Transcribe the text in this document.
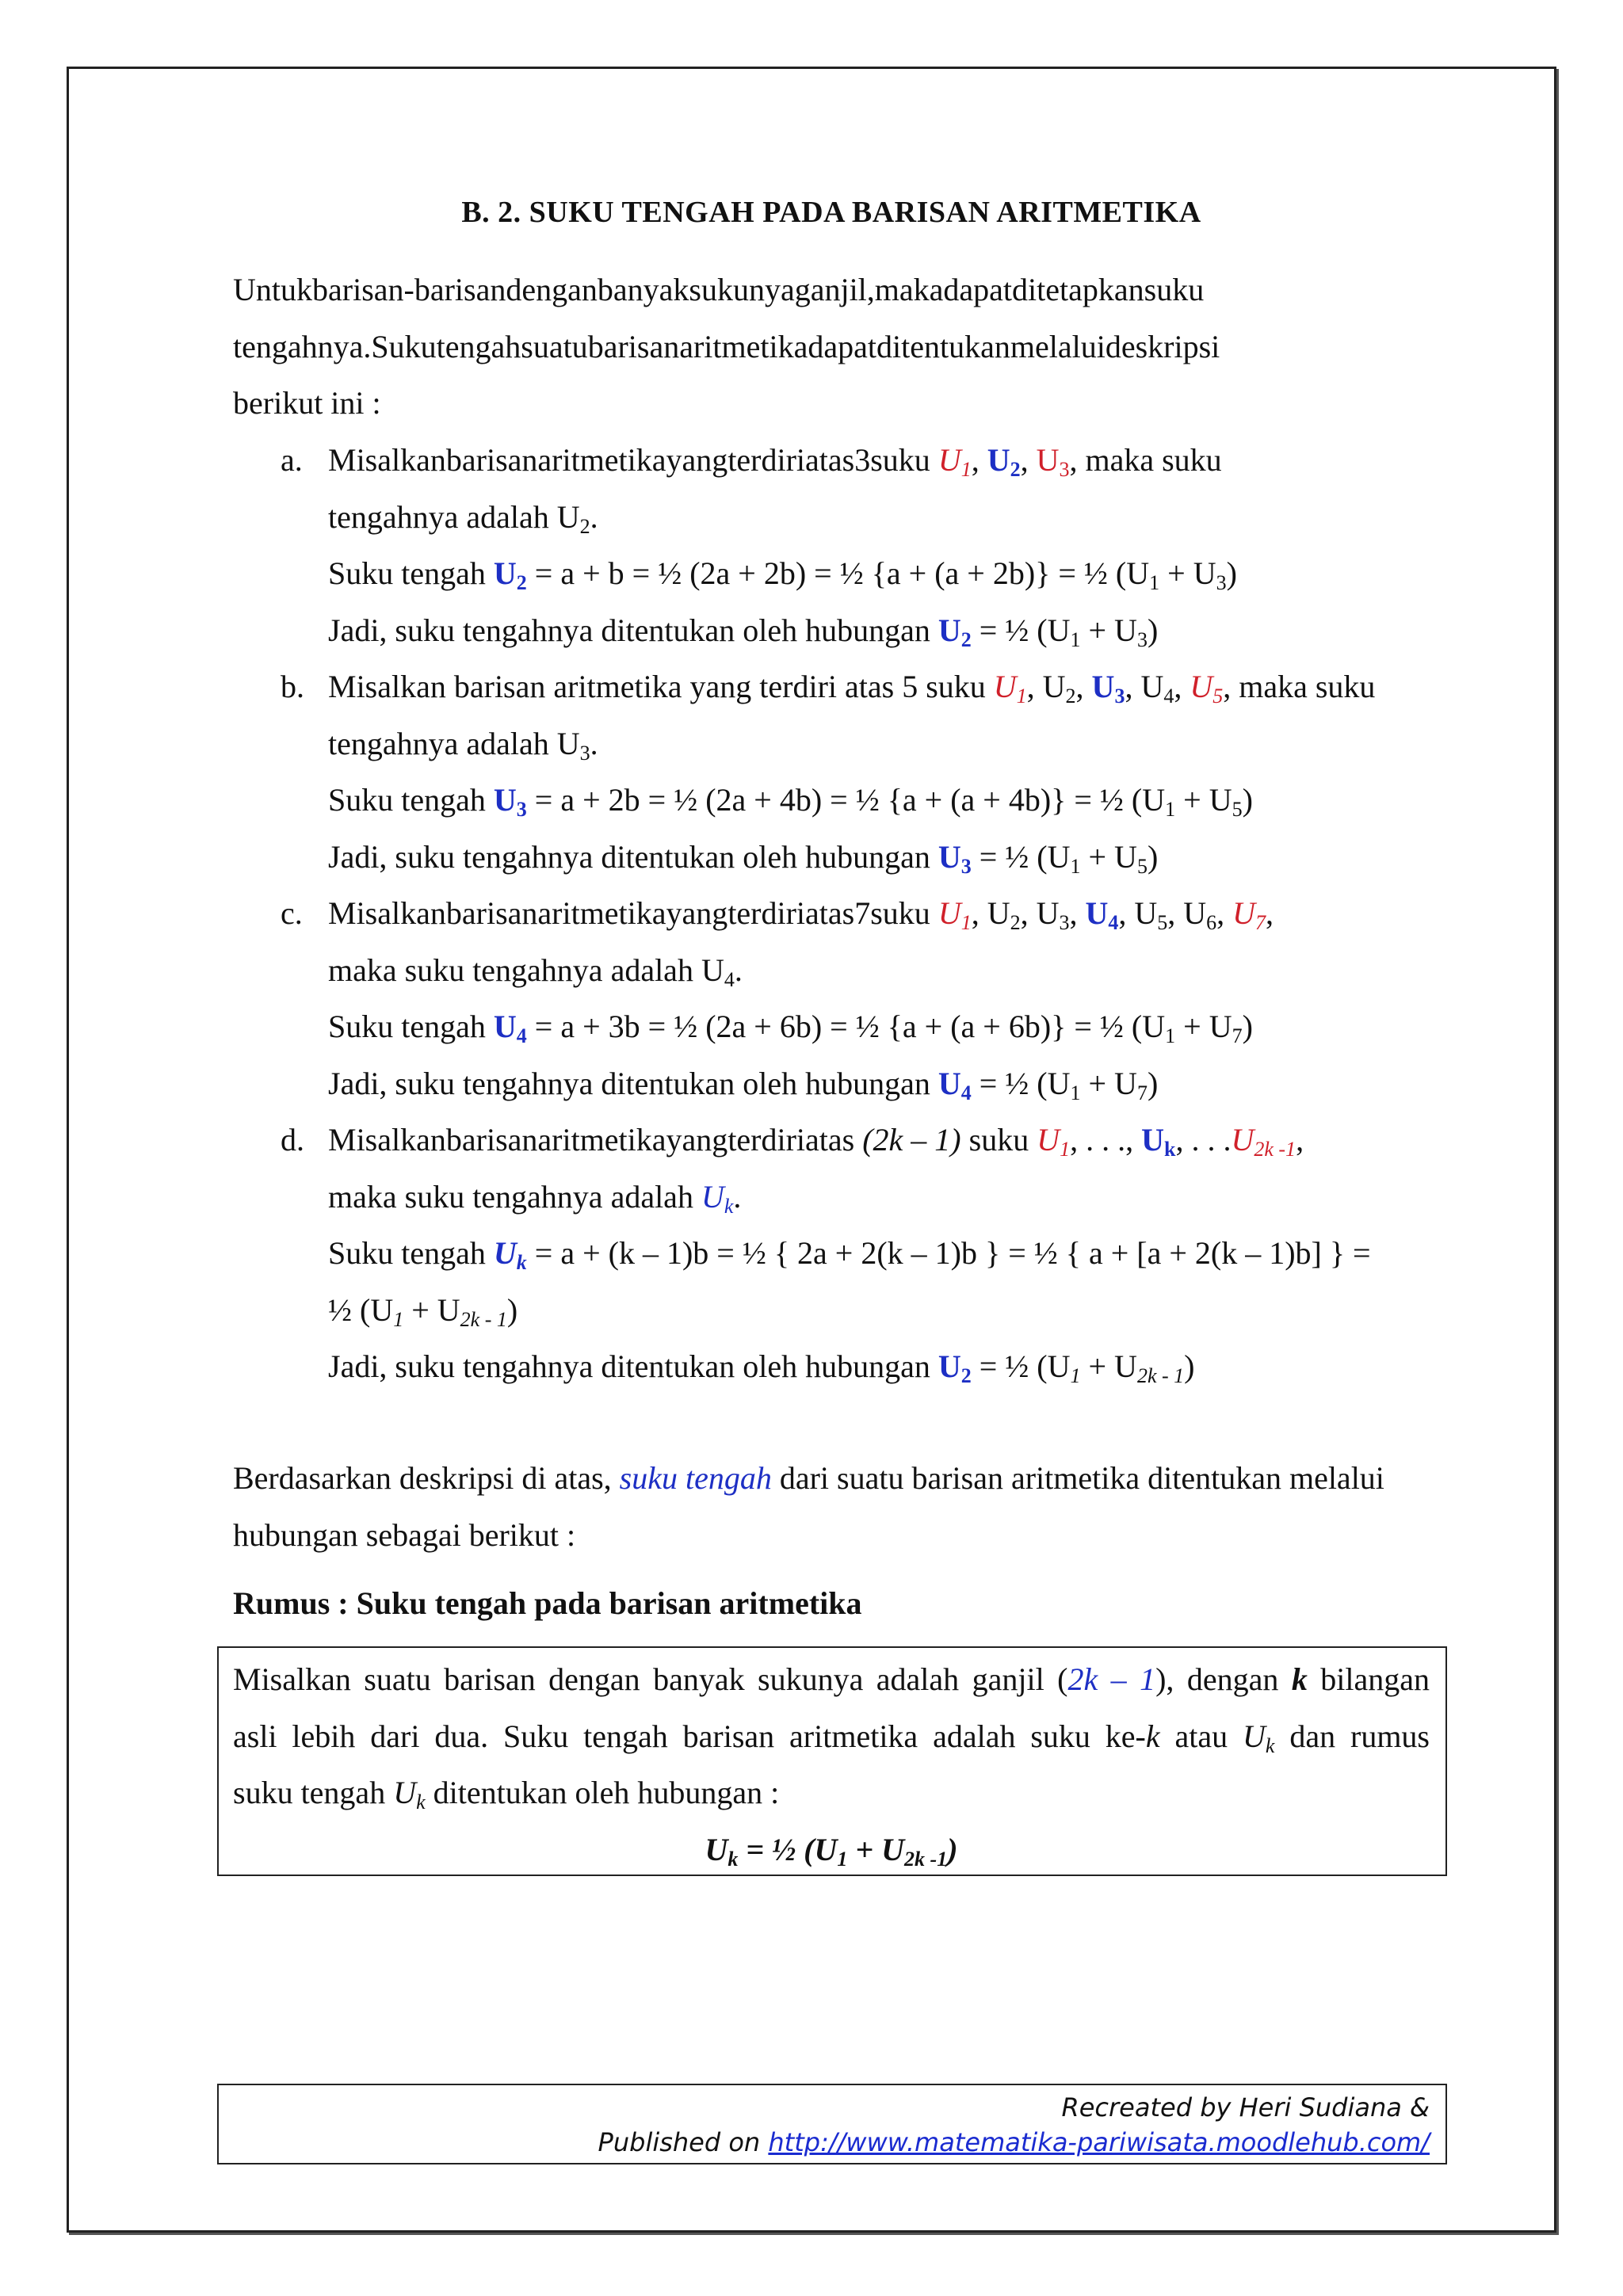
B. 2. SUKU TENGAH PADA BARISAN ARITMETIKA
Untukbarisan-barisandenganbanyaksukunyaganjil,makadapatditetapkansuku
tengahnya.Sukutengahsuatubarisanaritmetikadapatditentukanmelaluideskripsi
berikut ini :
a. Misalkanbarisanaritmetikayangterdiriatas3suku $U_1$, $U_2$, $U_3$, maka suku
tengahnya adalah $U_2$.
Suku tengah $U_2 = a + b$ = ½ (2a + 2b) = ½ {a + (a + 2b)} = ½ $(U_1 + U_3)$
Jadi, suku tengahnya ditentukan oleh hubungan $U_2$ = ½ $(U_1 + U_3)$
b. Misalkan barisan aritmetika yang terdiri atas 5 suku $U_1$, $U_2$, $U_3$, $U_4$, $U_5$, maka suku
tengahnya adalah $U_3$.
Suku tengah $U_3 = a + 2b$ = ½ (2a + 4b) = ½ {a + (a + 4b)} = ½ $(U_1 + U_5)$
Jadi, suku tengahnya ditentukan oleh hubungan $U_3$ = ½ $(U_1 + U_5)$
c. Misalkanbarisanaritmetikayangterdiriatas7suku $U_1$, $U_2$, $U_3$, $U_4$, $U_5$, $U_6$, $U_7$,
maka suku tengahnya adalah $U_4$.
Suku tengah $U_4 = a + 3b$ = ½ (2a + 6b) = ½ {a + (a + 6b)} = ½ $(U_1 + U_7)$
Jadi, suku tengahnya ditentukan oleh hubungan $U_4$ = ½ $(U_1 + U_7)$
d. Misalkanbarisanaritmetikayangterdiriatas (2k – 1) suku $U_1$, . . ., $U_k$, . . $.U_{2k -1}$,
maka suku tengahnya adalah $U_k$.
Suku tengah $U_k = a + (k - 1)b$ = ½ { 2a + 2(k – 1)b } = ½ { a + [a + 2(k – 1)b] } =
½ $(U_1 + U_{2k - 1})$
Jadi, suku tengahnya ditentukan oleh hubungan $U_2$ = ½ $(U_1 + U_{2k - 1})$
Berdasarkan deskripsi di atas, suku tengah dari suatu barisan aritmetika ditentukan melalui
hubungan sebagai berikut :
Rumus : Suku tengah pada barisan aritmetika
Misalkan suatu barisan dengan banyak sukunya adalah ganjil (2k – 1), dengan k bilangan
asli lebih dari dua. Suku tengah barisan aritmetika adalah suku ke-k atau $U_k$ dan rumus
suku tengah $U_k$ ditentukan oleh hubungan :
$U_k$ = ½ $(U_1 + U_{2k -1})$
Recreated by Heri Sudiana &
Published on http://www.matematika-pariwisata.moodlehub.com/
